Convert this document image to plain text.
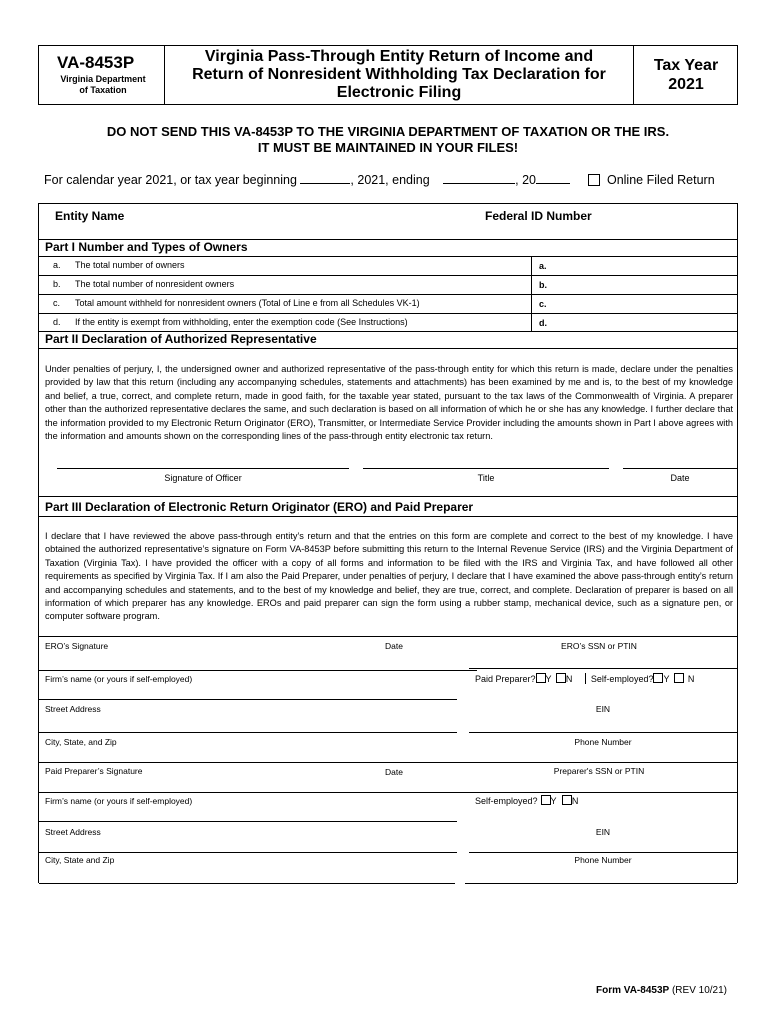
VA-8453P
Virginia Department
of Taxation
Virginia Pass-Through Entity Return of Income and
Return of Nonresident Withholding Tax Declaration for
Electronic Filing
Tax Year
2021
DO NOT SEND THIS VA-8453P TO THE VIRGINIA DEPARTMENT OF TAXATION OR THE IRS.
IT MUST BE MAINTAINED IN YOUR FILES!
For calendar year 2021, or tax year beginning	, 2021, ending	, 20	Online Filed Return
Entity Name	Federal ID Number
Part I Number and Types of Owners
a. The total number of owners	a.
b. The total number of nonresident owners	b.
c. Total amount withheld for nonresident owners (Total of Line e from all Schedules VK-1)	c.
d. If the entity is exempt from withholding, enter the exemption code (See Instructions)	d.
Part II Declaration of Authorized Representative
Under penalties of perjury, I, the undersigned owner and authorized representative of the pass-through entity for which this return is made, declare under the penalties provided by law that this return (including any accompanying schedules, statements and attachments) has been examined by me and is, to the best of my knowledge and belief, a true, correct, and complete return, made in good faith, for the taxable year stated, pursuant to the tax laws of the Commonwealth of Virginia. A preparer other than the authorized representative declares the same, and such declaration is based on all information of which he or she has any knowledge. I further declare that the information provided to my Electronic Return Originator (ERO), Transmitter, or Intermediate Service Provider including the amounts shown in Part I above agrees with the information and amounts shown on the corresponding lines of the pass-through entity electronic tax return.
Signature of Officer	Title	Date
Part III Declaration of Electronic Return Originator (ERO) and Paid Preparer
I declare that I have reviewed the above pass-through entity’s return and that the entries on this form are complete and correct to the best of my knowledge. I have obtained the authorized representative’s signature on Form VA-8453P before submitting this return to the Internal Revenue Service (IRS) and the Virginia Department of Taxation (Virginia Tax). I have provided the officer with a copy of all forms and information to be filed with the IRS and Virginia Tax, and have followed all other requirements as specified by Virginia Tax. If I am also the Paid Preparer, under penalties of perjury, I declare that I have examined the above pass-through entity’s return and accompanying schedules and statements, and to the best of my knowledge and belief, they are true, correct, and complete. Declaration of preparer is based on all information of which preparer has any knowledge. EROs and paid preparer can sign the form using a rubber stamp, mechanical device, such as a signature pen, or computer software program.
ERO’s Signature	Date	ERO’s SSN or PTIN
Firm’s name (or yours if self-employed)	Paid Preparer? Y N Self-employed? Y N
Street Address	EIN
City, State, and Zip	Phone Number
Paid Preparer’s Signature	Date	Preparer's SSN or PTIN
Firm’s name (or yours if self-employed)	Self-employed? Y N
Street Address	EIN
City, State and Zip	Phone Number
Form VA-8453P (REV 10/21)
